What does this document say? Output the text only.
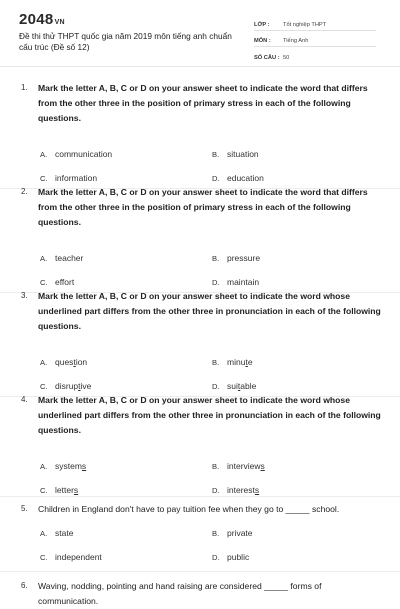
2048VN
Đề thi thử THPT quốc gia năm 2019 môn tiếng anh chuẩn cấu trúc (Đề số 12)
LỚP :	Tốt nghiệp THPT
MÔN :	Tiếng Anh
SỐ CÂU : 50
1. Mark the letter A, B, C or D on your answer sheet to indicate the word that differs from the other three in the position of primary stress in each of the following questions.
A. communication	B. situation
C. information	D. education
2. Mark the letter A, B, C or D on your answer sheet to indicate the word that differs from the other three in the position of primary stress in each of the following questions.
A. teacher	B. pressure
C. effort	D. maintain
3. Mark the letter A, B, C or D on your answer sheet to indicate the word whose underlined part differs from the other three in pronunciation in each of the following questions.
A. question	B. minute
C. disruptive	D. suitable
4. Mark the letter A, B, C or D on your answer sheet to indicate the word whose underlined part differs from the other three in pronunciation in each of the following questions.
A. systems	B. interviews
C. letters	D. interests
5. Children in England don't have to pay tuition fee when they go to _____ school.
A. state	B. private
C. independent	D. public
6. Waving, nodding, pointing and hand raising are considered _____ forms of communication.
